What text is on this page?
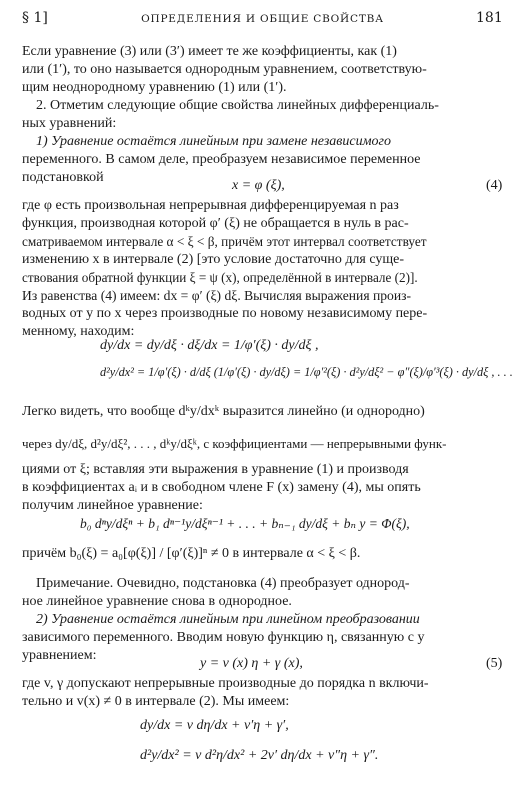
§ 1]	ОПРЕДЕЛЕНИЯ И ОБЩИЕ СВОЙСТВА	181
Если уравнение (3) или (3′) имеет те же коэффициенты, как (1)
или (1′), то оно называется однородным уравнением, соответствую-
щим неоднородному уравнению (1) или (1′).
2. Отметим следующие общие свойства линейных дифференциаль-
ных уравнений:
1) Уравнение остаётся линейным при замене независимого
переменного. В самом деле, преобразуем независимое переменное
подстановкой
x = φ (ξ),	(4)
где φ есть произвольная непрерывная дифференцируемая n раз
функция, производная которой φ′ (ξ) не обращается в нуль в рас-
сматриваемом интервале α < ξ < β, причём этот интервал соответствует
изменению x в интервале (2) [это условие достаточно для суще-
ствования обратной функции ξ = ψ (x), определённой в интервале (2)].
Из равенства (4) имеем: dx = φ′ (ξ) dξ. Вычисляя выражения произ-
водных от y по x через производные по новому независимому пере-
менному, находим:
dy/dx = dy/dξ · dξ/dx = 1/φ′(ξ) · dy/dξ ,
d²y/dx² = 1/φ′(ξ) · d/dξ (1/φ′(ξ) · dy/dξ) = 1/φ′²(ξ) · d²y/dξ² − φ″(ξ)/φ′³(ξ) · dy/dξ , . . .
Легко видеть, что вообще dᵏy/dxᵏ выразится линейно (и однородно)
через dy/dξ, d²y/dξ², . . . , dᵏy/dξᵏ, с коэффициентами — непрерывными функ-
циями от ξ; вставляя эти выражения в уравнение (1) и производя
в коэффициентах aᵢ и в свободном члене F (x) замену (4), мы опять
получим линейное уравнение:
b₀ dⁿy/dξⁿ + b₁ dⁿ⁻¹y/dξⁿ⁻¹ + . . . + bₙ₋₁ dy/dξ + bₙ y = Φ(ξ),
причём b₀(ξ) = a₀[φ(ξ)] / [φ′(ξ)]ⁿ ≠ 0 в интервале α < ξ < β.
Примечание. Очевидно, подстановка (4) преобразует однород-
ное линейное уравнение снова в однородное.
2) Уравнение остаётся линейным при линейном преобразовании
зависимого переменного. Вводим новую функцию η, связанную с y
уравнением:
y = v (x) η + γ (x),	(5)
где v, γ допускают непрерывные производные до порядка n включи-
тельно и v(x) ≠ 0 в интервале (2). Мы имеем:
dy/dx = v dη/dx + v′η + γ′,
d²y/dx² = v d²η/dx² + 2v′ dη/dx + v″η + γ″.
